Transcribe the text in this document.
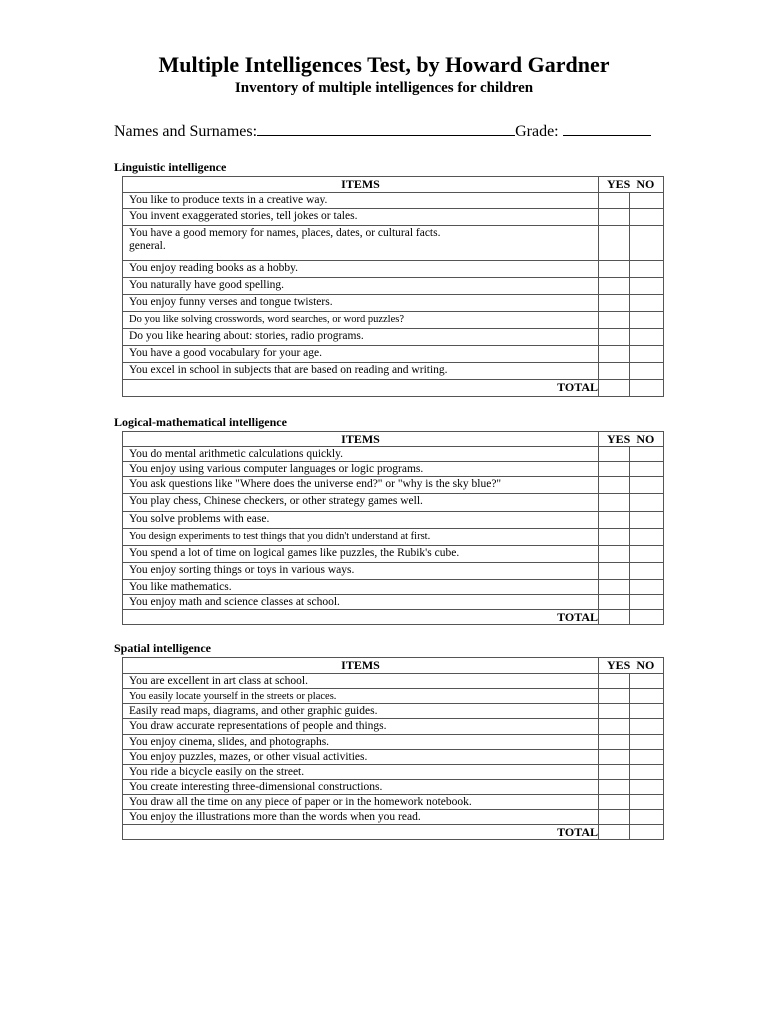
Multiple Intelligences Test, by Howard Gardner
Inventory of multiple intelligences for children
Names and Surnames:	Grade:
Linguistic intelligence
ITEMS	YES NO	
You like to produce texts in a creative way.		
You invent exaggerated stories, tell jokes or tales.		
You have a good memory for names, places, dates, or cultural facts.
general.		
You enjoy reading books as a hobby.		
You naturally have good spelling.		
You enjoy funny verses and tongue twisters.		
Do you like solving crosswords, word searches, or word puzzles?		
Do you like hearing about: stories, radio programs.		
You have a good vocabulary for your age.		
You excel in school in subjects that are based on reading and writing.		
TOTAL		
Logical-mathematical intelligence
ITEMS	YES NO	
You do mental arithmetic calculations quickly.		
You enjoy using various computer languages or logic programs.		
You ask questions like "Where does the universe end?" or "why is the sky blue?"		
You play chess, Chinese checkers, or other strategy games well.		
You solve problems with ease.		
You design experiments to test things that you didn't understand at first.		
You spend a lot of time on logical games like puzzles, the Rubik's cube.		
You enjoy sorting things or toys in various ways.		
You like mathematics.		
You enjoy math and science classes at school.		
TOTAL		
Spatial intelligence
ITEMS	YES NO	
You are excellent in art class at school.		
You easily locate yourself in the streets or places.		
Easily read maps, diagrams, and other graphic guides.		
You draw accurate representations of people and things.		
You enjoy cinema, slides, and photographs.		
You enjoy puzzles, mazes, or other visual activities.		
You ride a bicycle easily on the street.		
You create interesting three-dimensional constructions.		
You draw all the time on any piece of paper or in the homework notebook.		
You enjoy the illustrations more than the words when you read.		
TOTAL		
